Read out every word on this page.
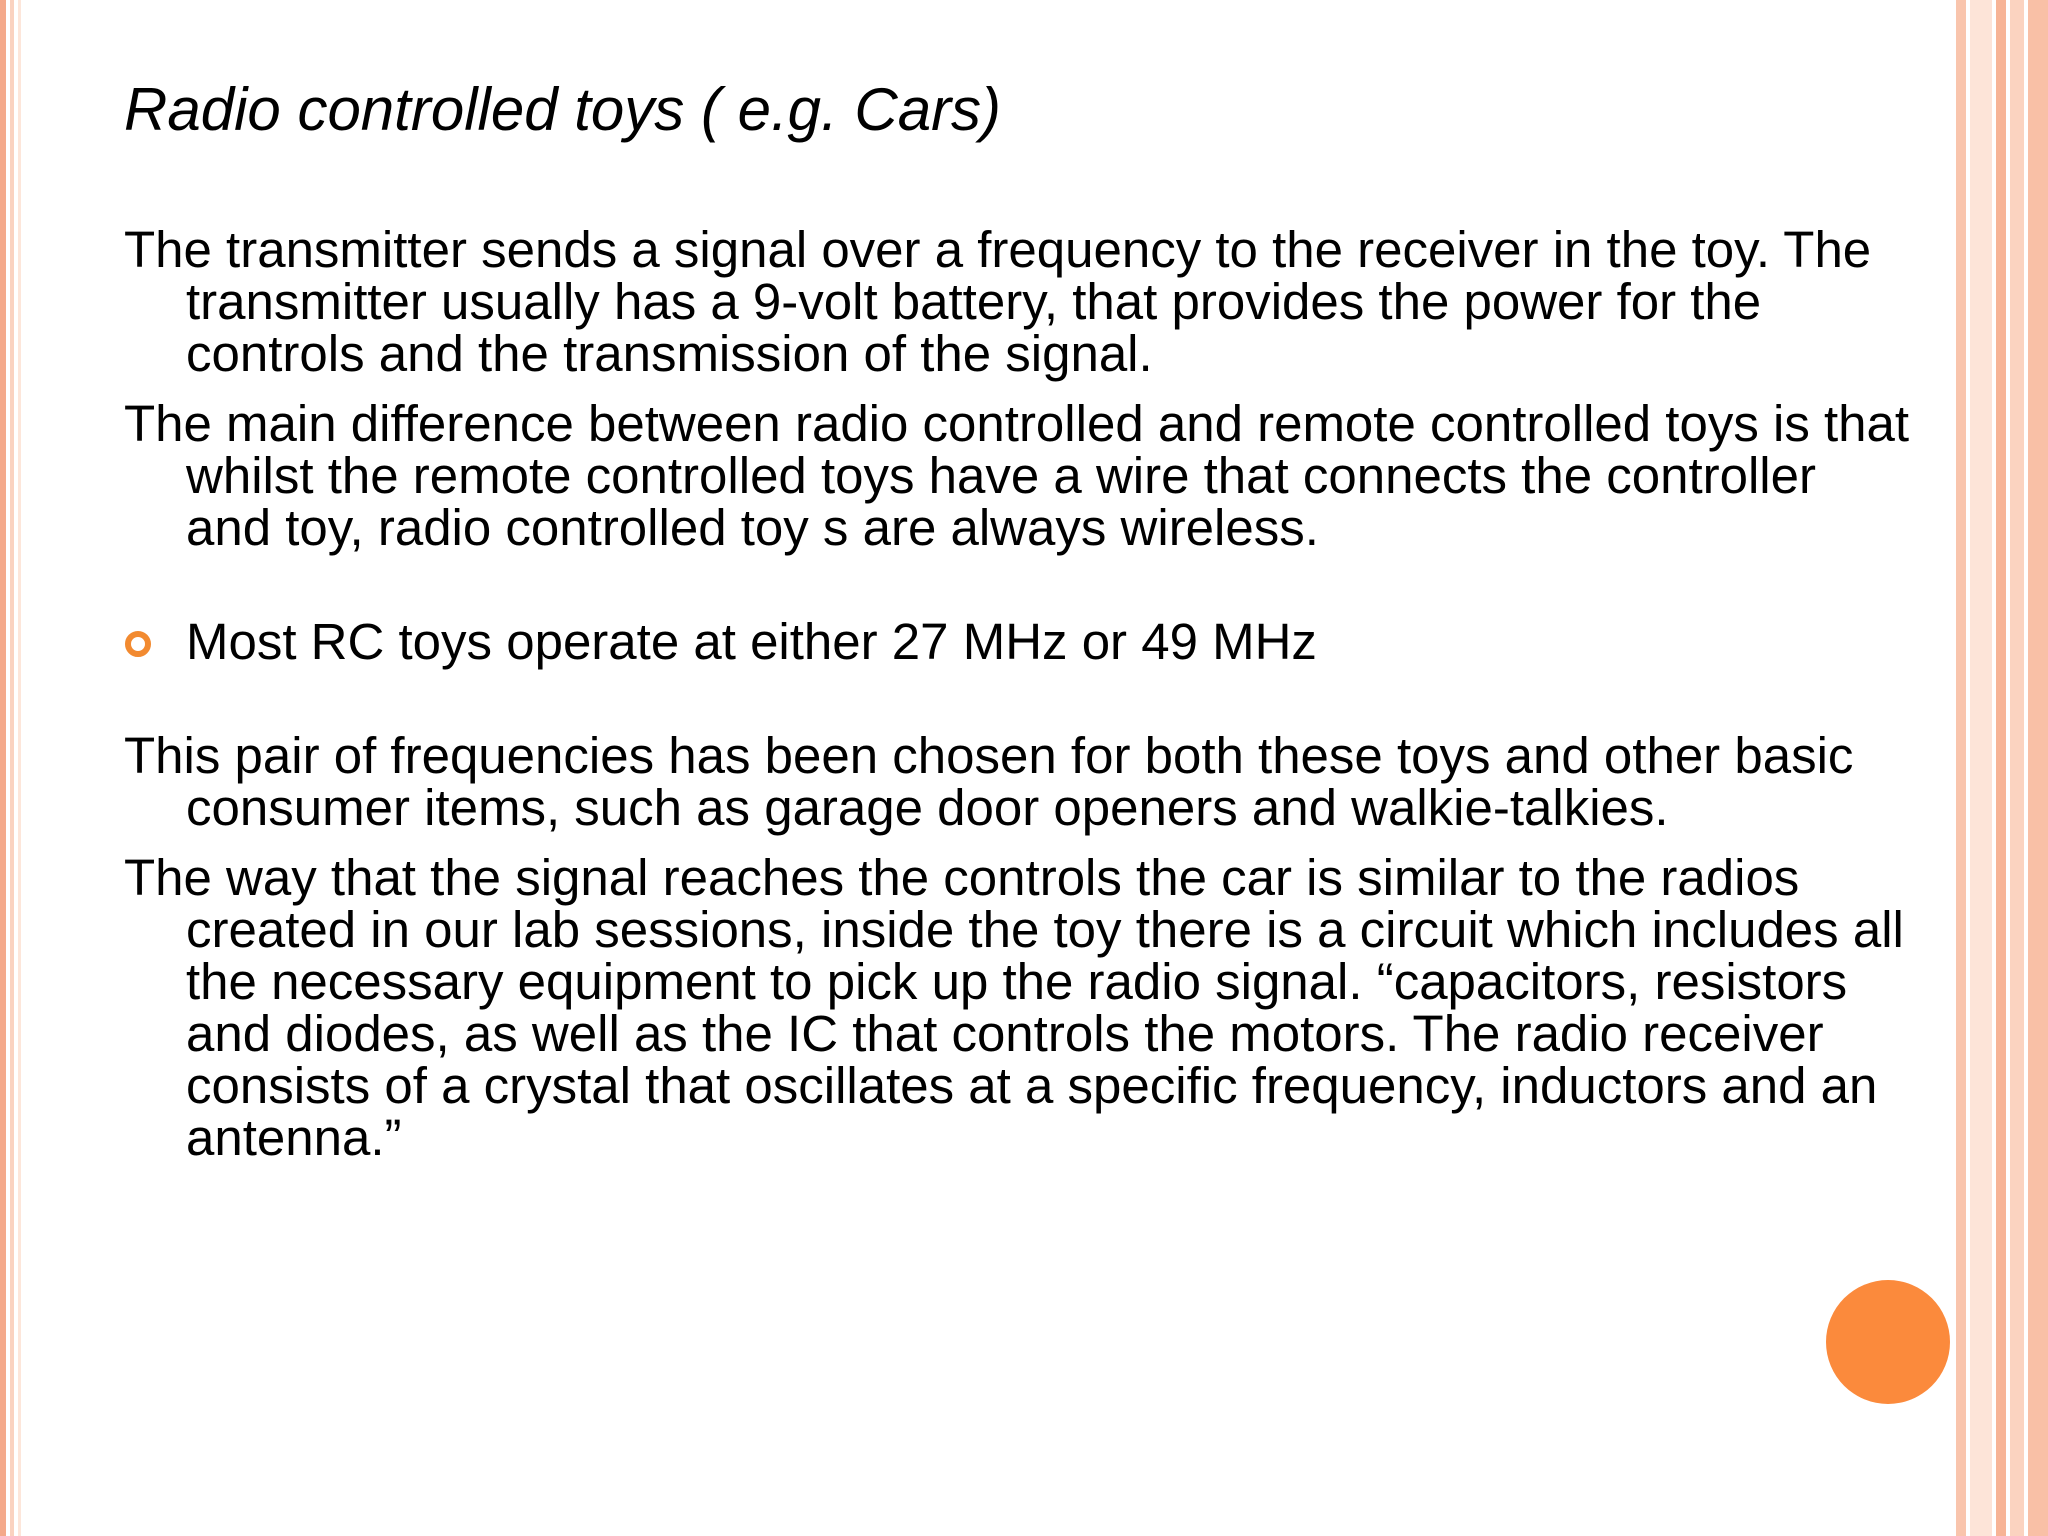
Radio controlled toys ( e.g. Cars)

The transmitter sends a signal over a frequency to the receiver in the toy. The transmitter usually has a 9-volt battery, that provides the power for the controls and the transmission of the signal.

The main difference between radio controlled and remote controlled toys is that whilst the remote controlled toys have a wire that connects the controller and toy, radio controlled toy s are always wireless.

Most RC toys operate at either 27 MHz or 49 MHz

This pair of frequencies has been chosen for both these toys and other basic consumer items, such as garage door openers and walkie-talkies.

The way that the signal reaches the controls the car is similar to the radios created in our lab sessions, inside the toy there is a circuit which includes all the necessary equipment to pick up the radio signal. “capacitors, resistors and diodes, as well as the IC that controls the motors. The radio receiver consists of a crystal that oscillates at a specific frequency, inductors and an antenna.”
